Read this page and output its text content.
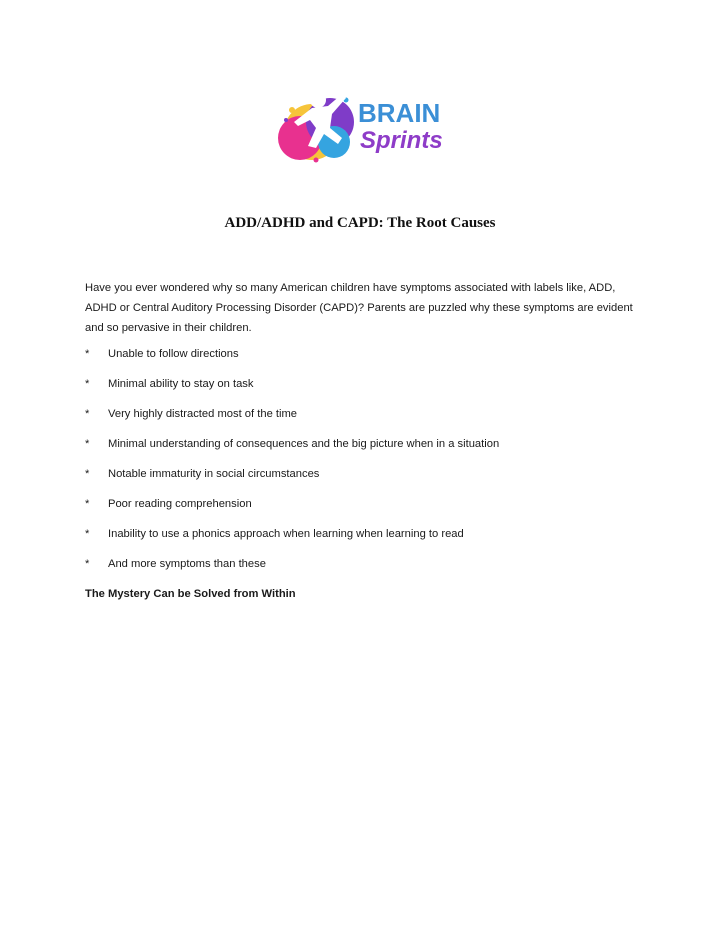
BRAIN
Sprints
ADD/ADHD and CAPD: The Root Causes

Have you ever wondered why so many American children have symptoms associated with labels like, ADD, ADHD or Central Auditory Processing Disorder (CAPD)? Parents are puzzled why these symptoms are evident and so pervasive in their children.

*	Unable to follow directions
*	Minimal ability to stay on task
*	Very highly distracted most of the time
*	Minimal understanding of consequences and the big picture when in a situation
*	Notable immaturity in social circumstances
*	Poor reading comprehension
*	Inability to use a phonics approach when learning when learning to read
*	And more symptoms than these
The Mystery Can be Solved from Within
